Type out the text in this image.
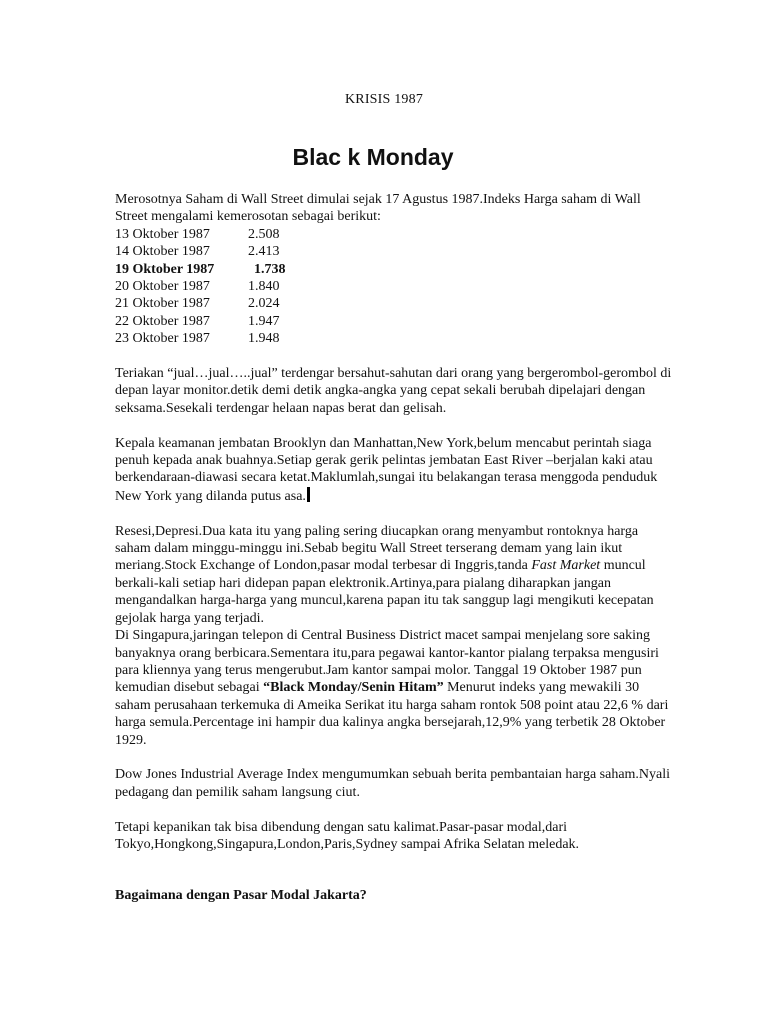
KRISIS 1987
Blac k Monday

Merosotnya Saham di Wall Street dimulai sejak 17 Agustus 1987.Indeks Harga saham di Wall Street mengalami kemerosotan sebagai berikut:

13 Oktober 1987	2.508
14 Oktober 1987	2.413
19 Oktober 1987	1.738
20 Oktober 1987	1.840
21 Oktober 1987	2.024
22 Oktober 1987	1.947
23 Oktober 1987	1.948

Teriakan “jual…jual…..jual” terdengar bersahut-sahutan dari orang yang bergerombol-gerombol di depan layar monitor.detik demi detik angka-angka yang cepat sekali berubah dipelajari dengan seksama.Sesekali terdengar helaan napas berat dan gelisah.

Kepala keamanan jembatan Brooklyn dan Manhattan,New York,belum mencabut perintah siaga penuh kepada anak buahnya.Setiap gerak gerik pelintas jembatan East River –berjalan kaki atau berkendaraan-diawasi secara ketat.Maklumlah,sungai itu belakangan terasa menggoda penduduk New York yang dilanda putus asa.

Resesi,Depresi.Dua kata itu yang paling sering diucapkan orang menyambut rontoknya harga saham dalam minggu-minggu ini.Sebab begitu Wall Street terserang demam yang lain ikut meriang.Stock Exchange of London,pasar modal terbesar di Inggris,tanda Fast Market muncul berkali-kali setiap hari didepan papan elektronik.Artinya,para pialang diharapkan jangan mengandalkan harga-harga yang muncul,karena papan itu tak sanggup lagi mengikuti kecepatan gejolak harga yang terjadi.

Di Singapura,jaringan telepon di Central Business District macet sampai menjelang sore saking banyaknya orang berbicara.Sementara itu,para pegawai kantor-kantor pialang terpaksa mengusiri para kliennya yang terus mengerubut.Jam kantor sampai molor. Tanggal 19 Oktober 1987 pun kemudian disebut sebagai “Black Monday/Senin Hitam” Menurut indeks yang mewakili 30 saham perusahaan terkemuka di Ameika Serikat itu harga saham rontok 508 point atau 22,6 % dari harga semula.Percentage ini hampir dua kalinya angka bersejarah,12,9% yang terbetik 28 Oktober 1929.

Dow Jones Industrial Average Index mengumumkan sebuah berita pembantaian harga saham.Nyali pedagang dan pemilik saham langsung ciut.

Tetapi kepanikan tak bisa dibendung dengan satu kalimat.Pasar-pasar modal,dari Tokyo,Hongkong,Singapura,London,Paris,Sydney sampai Afrika Selatan meledak.

Bagaimana dengan Pasar Modal Jakarta?
